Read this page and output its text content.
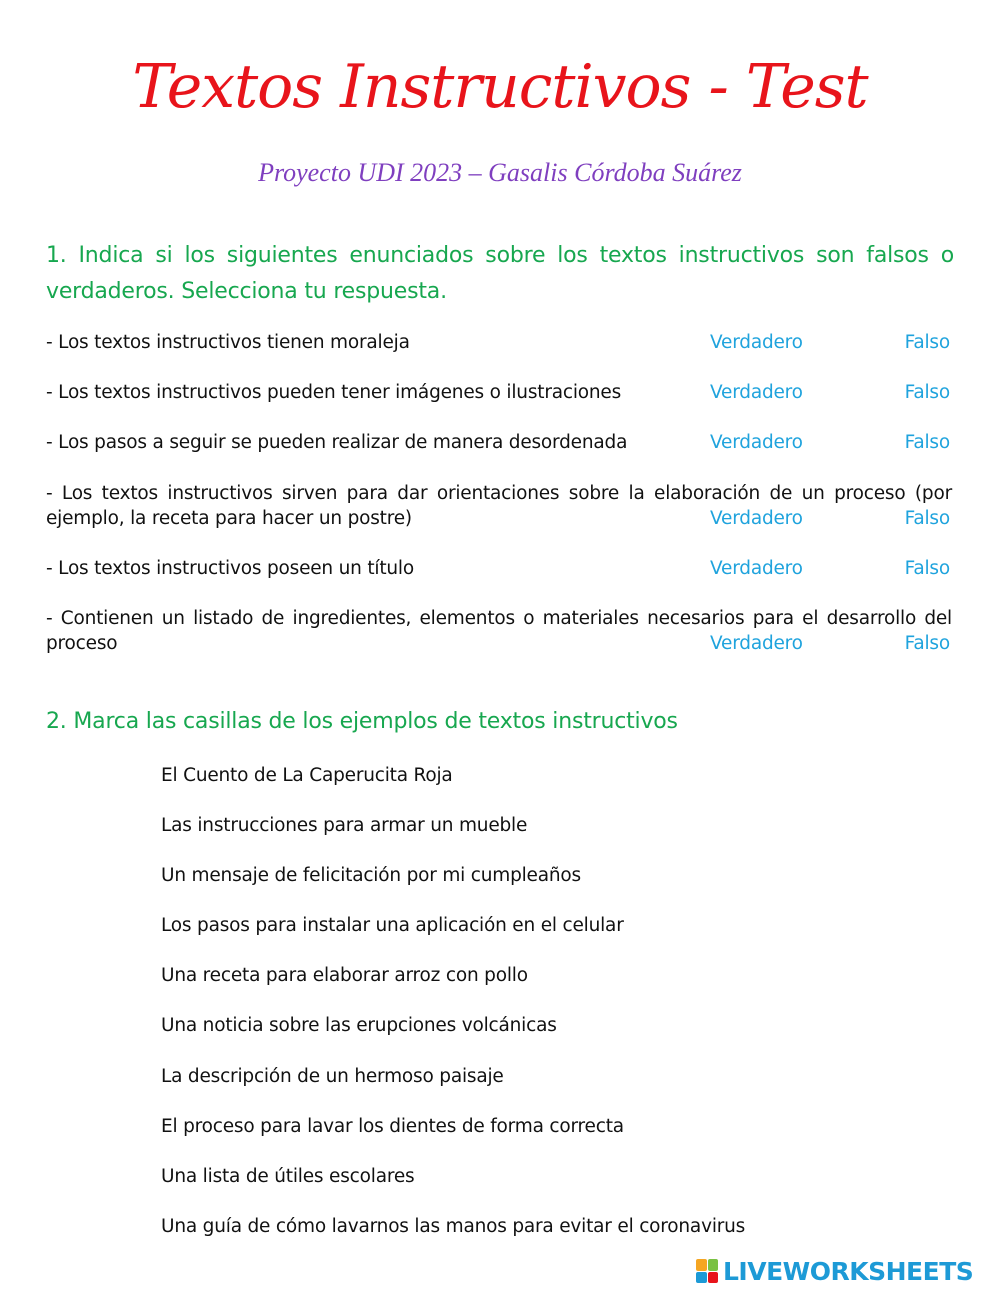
Textos Instructivos - Test
Proyecto UDI 2023 – Gasalis Córdoba Suárez
1. Indica si los siguientes enunciados sobre los textos instructivos son falsos o verdaderos. Selecciona tu respuesta.
- Los textos instructivos tienen moraleja	Verdadero	Falso
- Los textos instructivos pueden tener imágenes o ilustraciones	Verdadero	Falso
- Los pasos a seguir se pueden realizar de manera desordenada	Verdadero	Falso
- Los textos instructivos sirven para dar orientaciones sobre la elaboración de un proceso (por ejemplo, la receta para hacer un postre)	Verdadero	Falso
- Los textos instructivos poseen un título	Verdadero	Falso
- Contienen un listado de ingredientes, elementos o materiales necesarios para el desarrollo del proceso	Verdadero	Falso
2. Marca las casillas de los ejemplos de textos instructivos
El Cuento de La Caperucita Roja
Las instrucciones para armar un mueble
Un mensaje de felicitación por mi cumpleaños
Los pasos para instalar una aplicación en el celular
Una receta para elaborar arroz con pollo
Una noticia sobre las erupciones volcánicas
La descripción de un hermoso paisaje
El proceso para lavar los dientes de forma correcta
Una lista de útiles escolares
Una guía de cómo lavarnos las manos para evitar el coronavirus
LIVEWORKSHEETS
